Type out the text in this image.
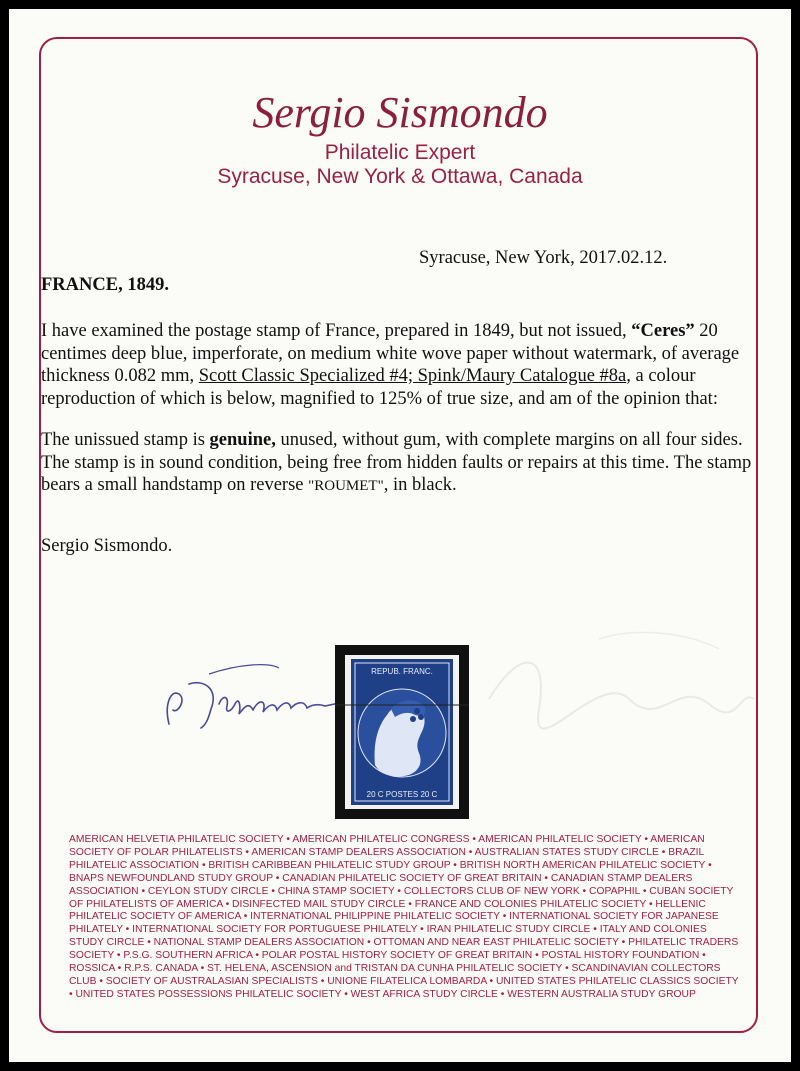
Sergio Sismondo
Philatelic Expert
Syracuse, New York & Ottawa, Canada
Syracuse, New York, 2017.02.12.
FRANCE, 1849.

I have examined the postage stamp of France, prepared in 1849, but not issued, “Ceres” 20 centimes deep blue, imperforate, on medium white wove paper without watermark, of average thickness 0.082 mm, Scott Classic Specialized #4; Spink/Maury Catalogue #8a, a colour reproduction of which is below, magnified to 125% of true size, and am of the opinion that:

The unissued stamp is genuine, unused, without gum, with complete margins on all four sides. The stamp is in sound condition, being free from hidden faults or repairs at this time. The stamp bears a small handstamp on reverse "ROUMET", in black.

Sergio Sismondo.
REPUB. FRANC.
20 C POSTES 20 C

AMERICAN HELVETIA PHILATELIC SOCIETY • AMERICAN PHILATELIC CONGRESS • AMERICAN PHILATELIC SOCIETY • AMERICAN SOCIETY OF POLAR PHILATELISTS • AMERICAN STAMP DEALERS ASSOCIATION • AUSTRALIAN STATES STUDY CIRCLE • BRAZIL PHILATELIC ASSOCIATION • BRITISH CARIBBEAN PHILATELIC STUDY GROUP • BRITISH NORTH AMERICAN PHILATELIC SOCIETY • BNAPS NEWFOUNDLAND STUDY GROUP • CANADIAN PHILATELIC SOCIETY OF GREAT BRITAIN • CANADIAN STAMP DEALERS ASSOCIATION • CEYLON STUDY CIRCLE • CHINA STAMP SOCIETY • COLLECTORS CLUB OF NEW YORK • COPAPHIL • CUBAN SOCIETY OF PHILATELISTS OF AMERICA • DISINFECTED MAIL STUDY CIRCLE • FRANCE AND COLONIES PHILATELIC SOCIETY • HELLENIC PHILATELIC SOCIETY OF AMERICA • INTERNATIONAL PHILIPPINE PHILATELIC SOCIETY • INTERNATIONAL SOCIETY FOR JAPANESE PHILATELY • INTERNATIONAL SOCIETY FOR PORTUGUESE PHILATELY • IRAN PHILATELIC STUDY CIRCLE • ITALY AND COLONIES STUDY CIRCLE • NATIONAL STAMP DEALERS ASSOCIATION • OTTOMAN AND NEAR EAST PHILATELIC SOCIETY • PHILATELIC TRADERS SOCIETY • P.S.G. SOUTHERN AFRICA • POLAR POSTAL HISTORY SOCIETY OF GREAT BRITAIN • POSTAL HISTORY FOUNDATION • ROSSICA • R.P.S. CANADA • ST. HELENA, ASCENSION and TRISTAN DA CUNHA PHILATELIC SOCIETY • SCANDINAVIAN COLLECTORS CLUB • SOCIETY OF AUSTRALASIAN SPECIALISTS • UNIONE FILATELICA LOMBARDA • UNITED STATES PHILATELIC CLASSICS SOCIETY • UNITED STATES POSSESSIONS PHILATELIC SOCIETY • WEST AFRICA STUDY CIRCLE • WESTERN AUSTRALIA STUDY GROUP
